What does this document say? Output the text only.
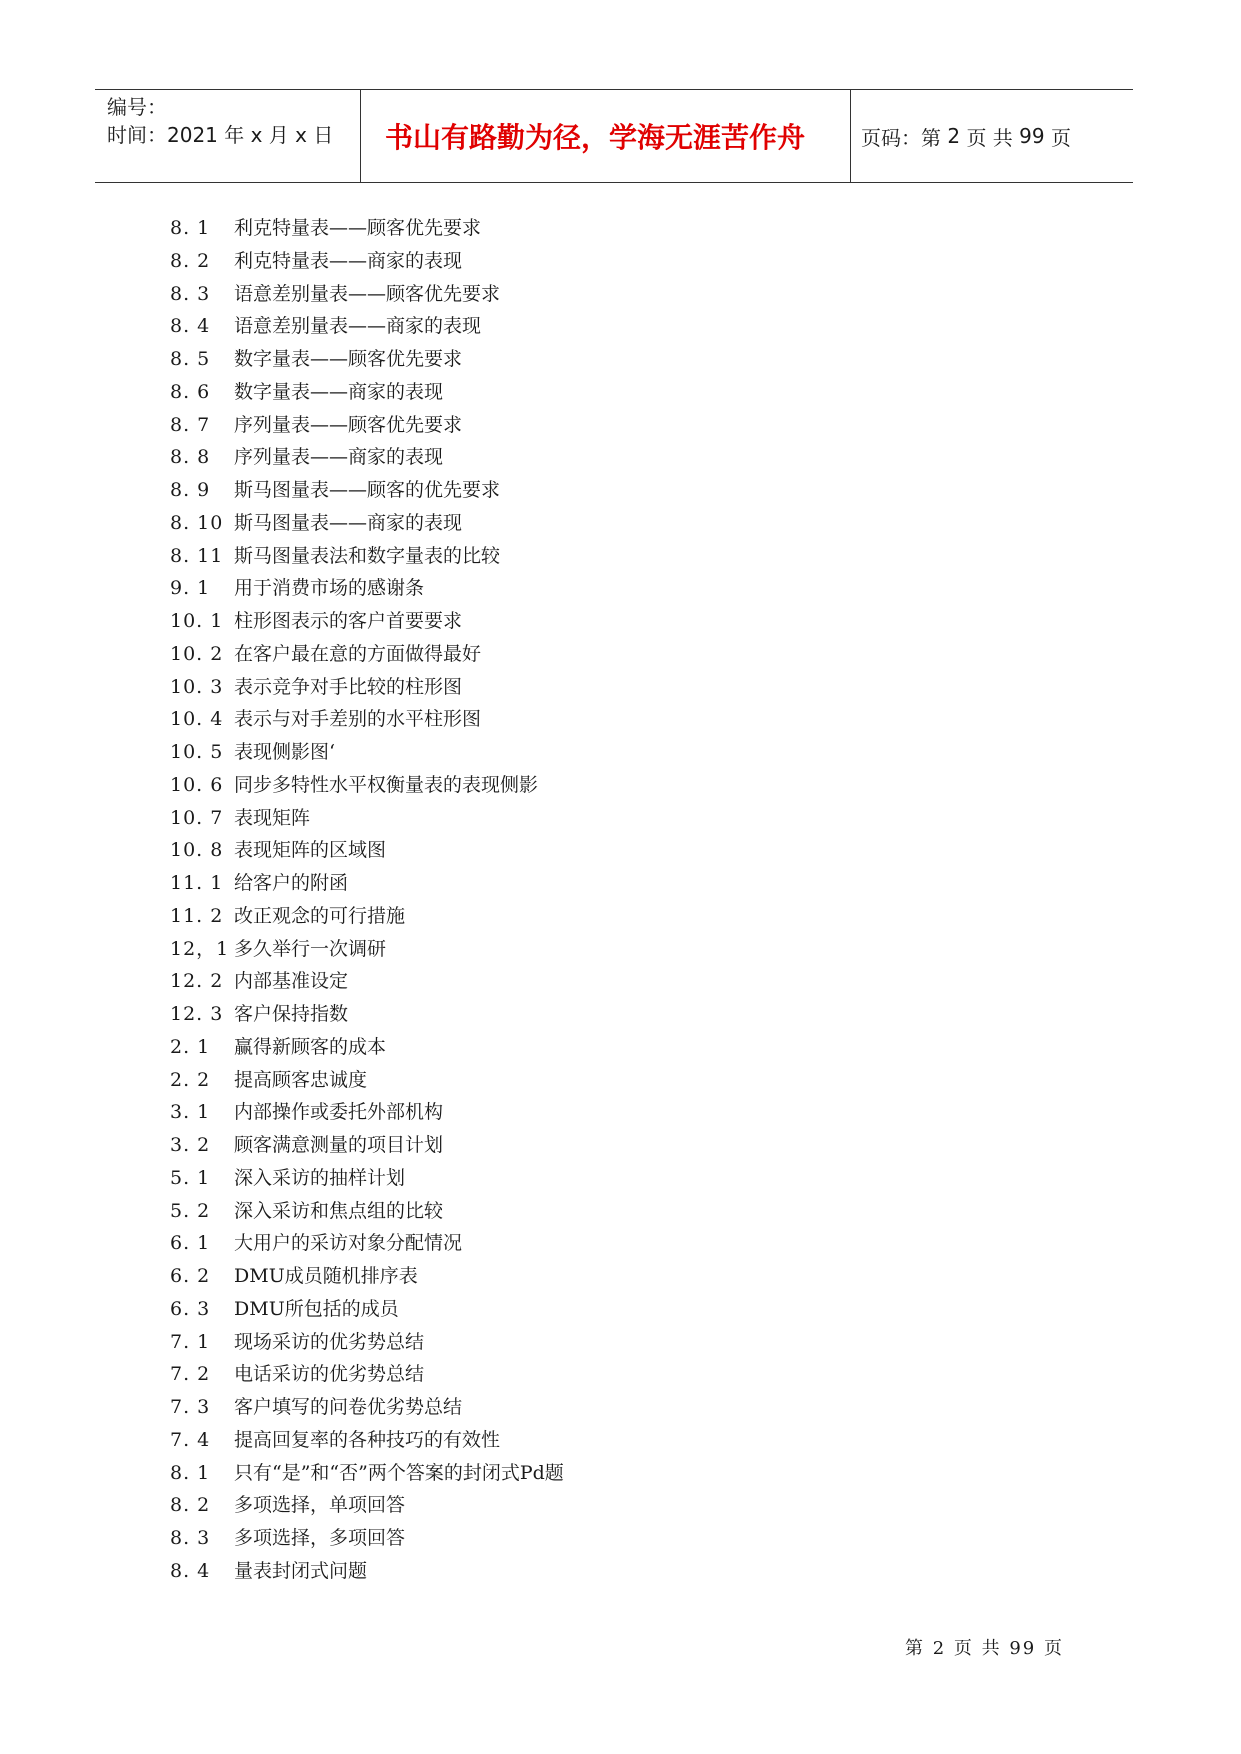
编号：
时间：2021 年 x 月 x 日	书山有路勤为径，学海无涯苦作舟	页码：第
2
页 共
99
页
8. 1	利克特量表——顾客优先要求
8. 2	利克特量表——商家的表现
8. 3	语意差别量表——顾客优先要求
8. 4	语意差别量表——商家的表现
8. 5	数字量表——顾客优先要求
8. 6	数字量表——商家的表现
8. 7	序列量表——顾客优先要求
8. 8	序列量表——商家的表现
8. 9	斯马图量表——顾客的优先要求
8. 10 斯马图量表——商家的表现
8. 11 斯马图量表法和数字量表的比较
9. 1	用于消费市场的感谢条
10. 1 柱形图表示的客户首要要求
10. 2 在客户最在意的方面做得最好
10. 3 表示竞争对手比较的柱形图
10. 4 表示与对手差别的水平柱形图
10. 5 表现侧影图‘
10. 6 同步多特性水平权衡量表的表现侧影
10. 7 表现矩阵
10. 8 表现矩阵的区域图
11. 1 给客户的附函
11. 2 改正观念的可行措施
12，1 多久举行一次调研
12. 2 内部基准设定
12. 3 客户保持指数
2. 1	赢得新顾客的成本
2. 2	提高顾客忠诚度
3. 1	内部操作或委托外部机构
3. 2	顾客满意测量的项目计划
5. 1	深入采访的抽样计划
5. 2	深入采访和焦点组的比较
6. 1	大用户的采访对象分配情况
6. 2	DMU成员随机排序表
6. 3	DMU所包括的成员
7. 1	现场采访的优劣势总结
7. 2	电话采访的优劣势总结
7. 3	客户填写的问卷优劣势总结
7. 4	提高回复率的各种技巧的有效性
8. 1	只有“是”和“否”两个答案的封闭式Pd题
8. 2	多项选择，单项回答
8. 3	多项选择，多项回答
8. 4	量表封闭式问题
第 2 页 共 99 页
